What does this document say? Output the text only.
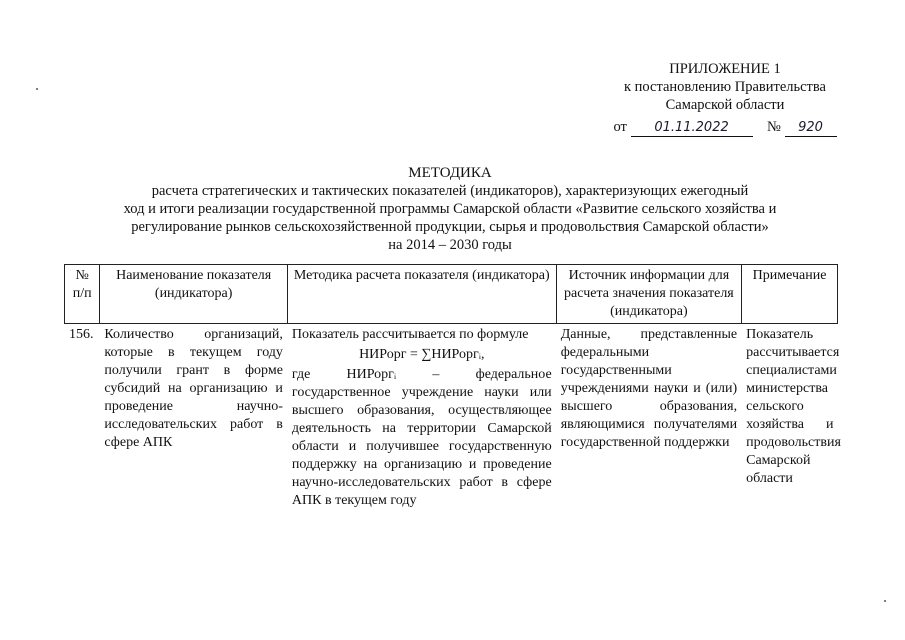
ПРИЛОЖЕНИЕ 1
к постановлению Правительства
Самарской области
от 01.11.2022	№ 920
МЕТОДИКА
расчета стратегических и тактических показателей (индикаторов), характеризующих ежегодный
ход и итоги реализации государственной программы Самарской области «Развитие сельского хозяйства и
регулирование рынков сельскохозяйственной продукции, сырья и продовольствия Самарской области»
на 2014 – 2030 годы
№ п/п	Наименование показателя (индикатора)	Методика расчета показателя (индикатора)	Источник информации для расчета значения показателя (индикатора)	Примечание
156.	Количество организаций, которые в текущем году получили грант в форме субсидий на организацию и проведение научно-исследовательских работ в сфере АПК	Показатель рассчитывается по формуле
НИРорг = ∑НИРоргᵢ,
где НИРоргᵢ – федеральное государственное учреждение науки или высшего образования, осуществляющее деятельность на территории Самарской области и получившее государственную поддержку на организацию и проведение научно-исследовательских работ в сфере АПК в текущем году	Данные, представленные федеральными государственными учреждениями науки и (или) высшего образования, являющимися получателями государственной поддержки	Показатель рассчитывается специалистами министерства сельского хозяйства и продовольствия Самарской области
